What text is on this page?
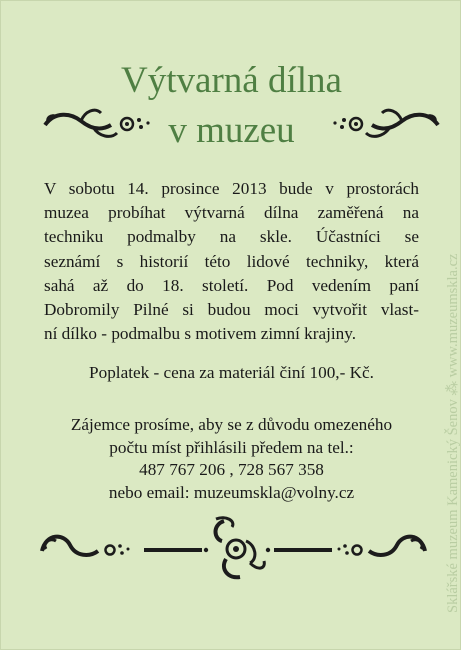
Výtvarná dílna
v muzeu
V sobotu 14. prosince 2013 bude v prostorách
muzea probíhat výtvarná dílna zaměřená na
techniku podmalby na skle. Účastníci se
seznámí s historií této lidové techniky, která
sahá až do 18. století. Pod vedením paní
Dobromily Pilné si budou moci vytvořit vlast-
ní dílko - podmalbu s motivem zimní krajiny.
Poplatek - cena za materiál činí 100,- Kč.
Zájemce prosíme, aby se z důvodu omezeného
počtu míst přihlásili předem na tel.:
487 767 206 , 728 567 358
nebo email: muzeumskla@volny.cz	Sklářské muzeum Kamenický Šenov ⁂ www.muzeumskla.cz
